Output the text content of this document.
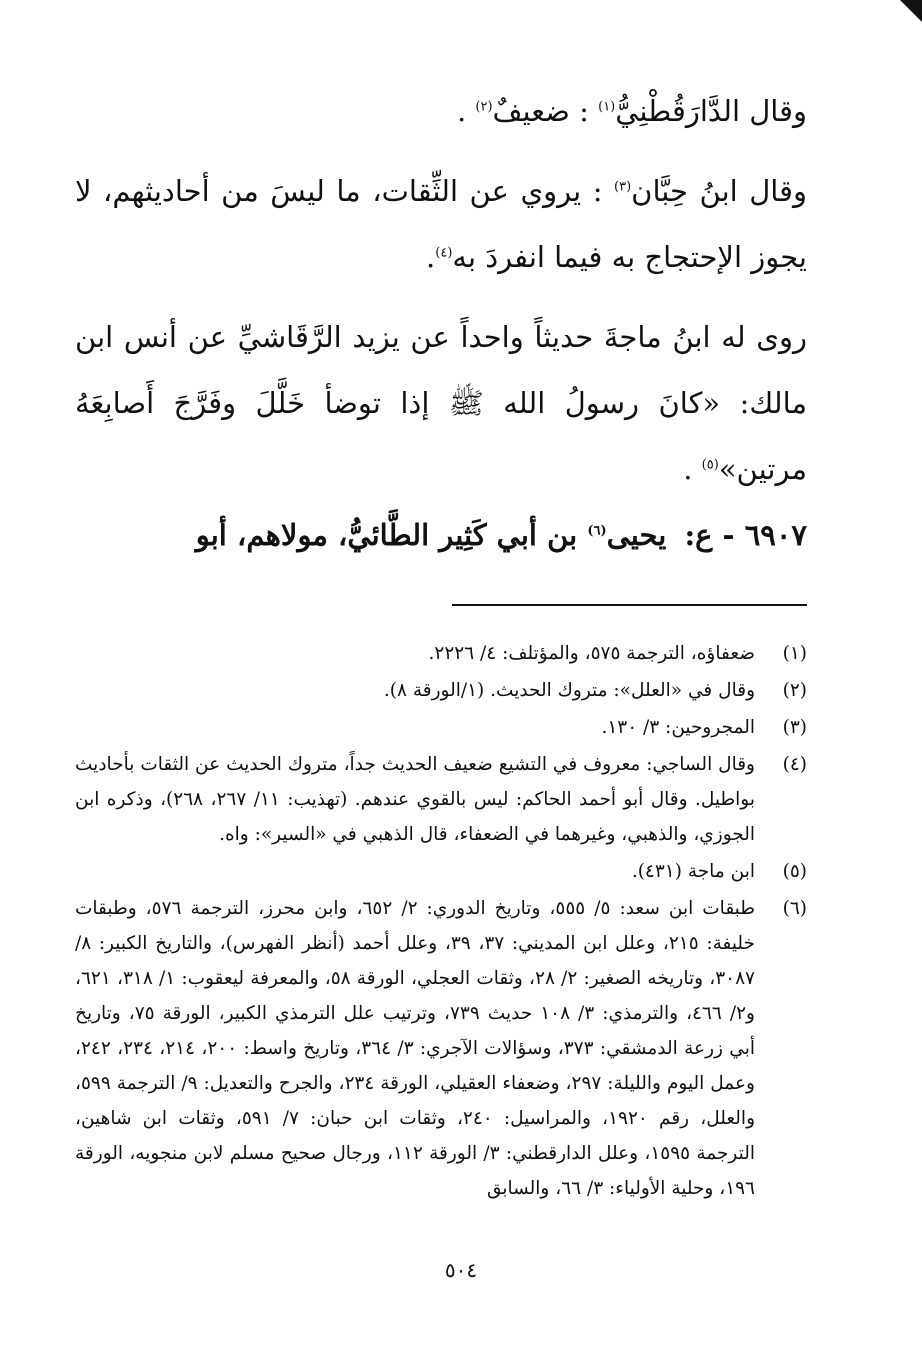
وقال الدَّارَقُطْنِيُّ$^{(١)}$ : ضعيفٌ$^{(٢)}$ .

وقال ابنُ حِبَّان$^{(٣)}$ : يروي عن الثِّقات، ما ليسَ من أحاديثهم، لا يجوز الإحتجاج به فيما انفردَ به$^{(٤)}$.

روى له ابنُ ماجةَ حديثاً واحداً عن يزيد الرَّقَاشيِّ عن أنس ابن مالك: «كانَ رسولُ الله ﷺ إذا توضأ خَلَّلَ وفَرَّجَ أَصابِعَهُ مرتين»$^{(٥)}$ .

٦٩٠٧ - ع: يحيى$^{(٦)}$ بن أبي كَثِير الطَّائيُّ، مولاهم، أبو

(١)
ضعفاؤه، الترجمة ٥٧٥، والمؤتلف: ٤/ ٢٢٢٦.
(٢)
وقال في «العلل»: متروك الحديث. (١/الورقة ٨).
(٣)
المجروحين: ٣/ ١٣٠.
(٤)
وقال الساجي: معروف في التشيع ضعيف الحديث جداً، متروك الحديث عن الثقات بأحاديث بواطيل. وقال أبو أحمد الحاكم: ليس بالقوي عندهم. (تهذيب: ١١/ ٢٦٧، ٢٦٨)، وذكره ابن الجوزي، والذهبي، وغيرهما في الضعفاء، قال الذهبي في «السير»: واه.
(٥)
ابن ماجة (٤٣١).
(٦)
طبقات ابن سعد: ٥/ ٥٥٥، وتاريخ الدوري: ٢/ ٦٥٢، وابن محرز، الترجمة ٥٧٦، وطبقات خليفة: ٢١٥، وعلل ابن المديني: ٣٧، ٣٩، وعلل أحمد (أنظر الفهرس)، والتاريخ الكبير: ٨/ ٣٠٨٧، وتاريخه الصغير: ٢/ ٢٨، وثقات العجلي، الورقة ٥٨، والمعرفة ليعقوب: ١/ ٣١٨، ٦٢١، و٢/ ٤٦٦، والترمذي: ٣/ ١٠٨ حديث ٧٣٩، وترتيب علل الترمذي الكبير، الورقة ٧٥، وتاريخ أبي زرعة الدمشقي: ٣٧٣، وسؤالات الآجري: ٣/ ٣٦٤، وتاريخ واسط: ٢٠٠، ٢١٤، ٢٣٤، ٢٤٢، وعمل اليوم والليلة: ٢٩٧، وضعفاء العقيلي، الورقة ٢٣٤، والجرح والتعديل: ٩/ الترجمة ٥٩٩، والعلل، رقم ١٩٢٠، والمراسيل: ٢٤٠، وثقات ابن حبان: ٧/ ٥٩١، وثقات ابن شاهين، الترجمة ١٥٩٥، وعلل الدارقطني: ٣/ الورقة ١١٢، ورجال صحيح مسلم لابن منجويه، الورقة ١٩٦، وحلية الأولياء: ٣/ ٦٦، والسابق
٥٠٤
